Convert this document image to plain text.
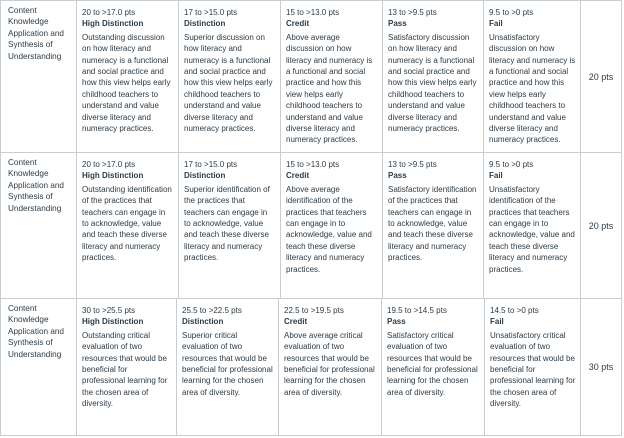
Content Knowledge Application and Synthesis of Understanding
20 to >17.0 pts
High Distinction
Outstanding discussion on how literacy and numeracy is a functional and social practice and how this view helps early childhood teachers to understand and value diverse literacy and numeracy practices.
17 to >15.0 pts
Distinction
Superior discussion on how literacy and numeracy is a functional and social practice and how this view helps early childhood teachers to understand and value diverse literacy and numeracy practices.
15 to >13.0 pts
Credit
Above average discussion on how literacy and numeracy is a functional and social practice and how this view helps early childhood teachers to understand and value diverse literacy and numeracy practices.
13 to >9.5 pts
Pass
Satisfactory discussion on how literacy and numeracy is a functional and social practice and how this view helps early childhood teachers to understand and value diverse literacy and numeracy practices.
9.5 to >0 pts
Fail
Unsatisfactory discussion on how literacy and numeracy is a functional and social practice and how this view helps early childhood teachers to understand and value diverse literacy and numeracy practices.
20 pts
Content Knowledge Application and Synthesis of Understanding
20 to >17.0 pts
High Distinction
Outstanding identification of the practices that teachers can engage in to acknowledge, value and teach these diverse literacy and numeracy practices.
17 to >15.0 pts
Distinction
Superior identification of the practices that teachers can engage in to acknowledge, value and teach these diverse literacy and numeracy practices.
15 to >13.0 pts
Credit
Above average identification of the practices that teachers can engage in to acknowledge, value and teach these diverse literacy and numeracy practices.
13 to >9.5 pts
Pass
Satisfactory identification of the practices that teachers can engage in to acknowledge, value and teach these diverse literacy and numeracy practices.
9.5 to >0 pts
Fail
Unsatisfactory identification of the practices that teachers can engage in to acknowledge, value and teach these diverse literacy and numeracy practices.
20 pts
Content Knowledge Application and Synthesis of Understanding
30 to >25.5 pts
High Distinction
Outstanding critical evaluation of two resources that would be beneficial for professional learning for the chosen area of diversity.
25.5 to >22.5 pts
Distinction
Superior critical evaluation of two resources that would be beneficial for professional learning for the chosen area of diversity.
22.5 to >19.5 pts
Credit
Above average critical evaluation of two resources that would be beneficial for professional learning for the chosen area of diversity.
19.5 to >14.5 pts
Pass
Satisfactory critical evaluation of two resources that would be beneficial for professional learning for the chosen area of diversity.
14.5 to >0 pts
Fail
Unsatisfactory critical evaluation of two resources that would be beneficial for professional learning for the chosen area of diversity.
30 pts
